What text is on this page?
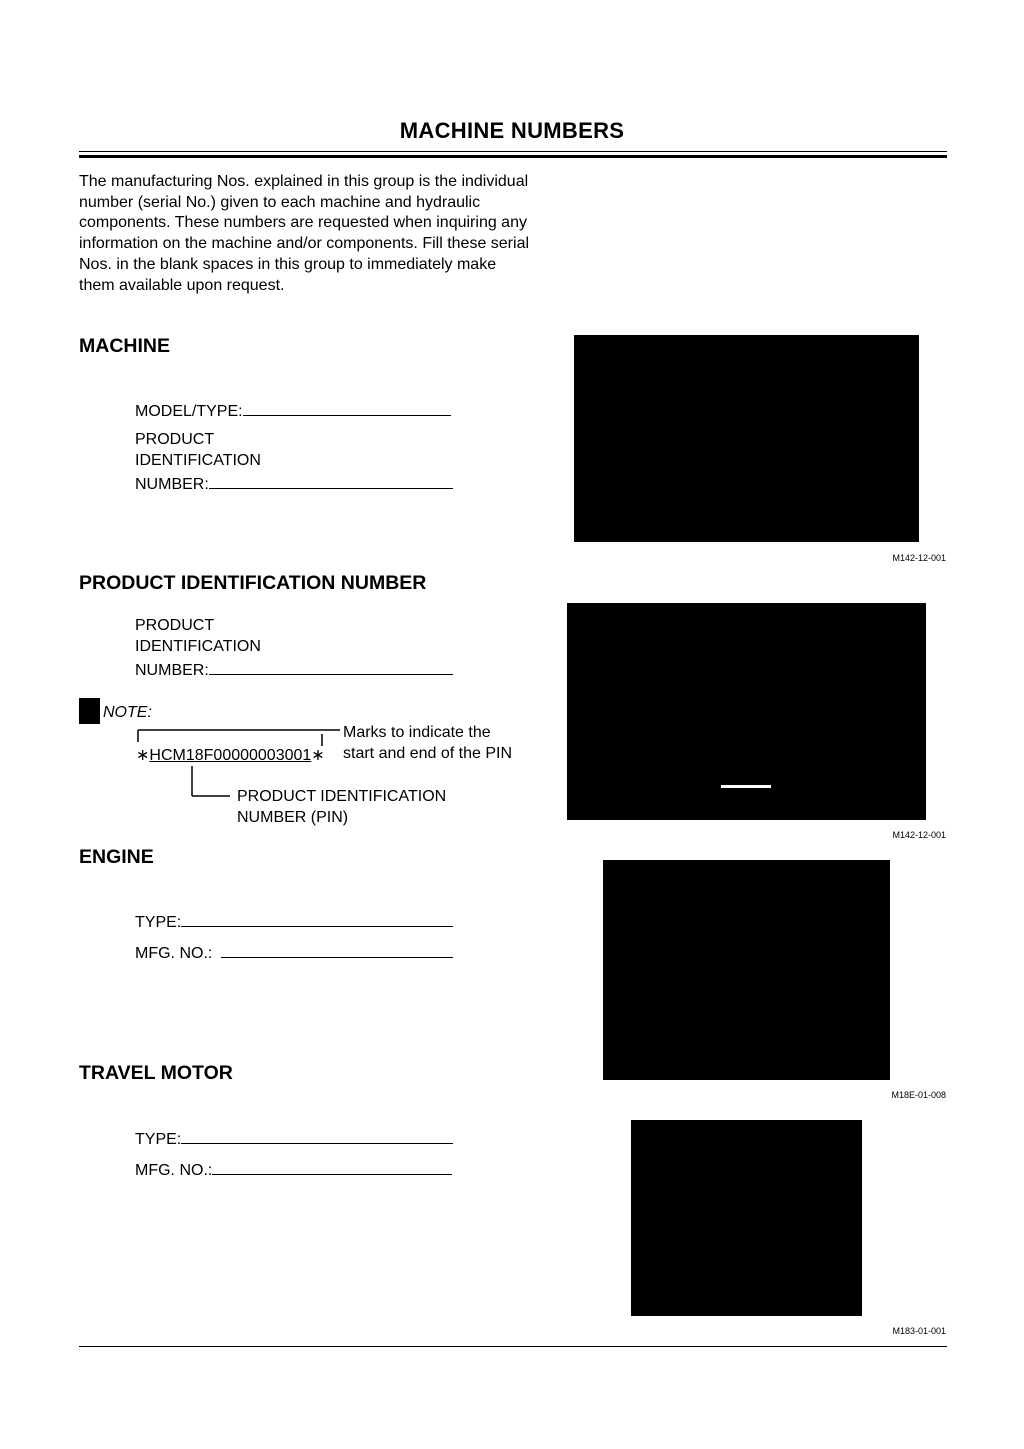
MACHINE NUMBERS
The manufacturing Nos. explained in this group is the individual number (serial No.) given to each machine and hydraulic components. These numbers are requested when inquiring any information on the machine and/or components. Fill these serial Nos. in the blank spaces in this group to immediately make them available upon request.
MACHINE
MODEL/TYPE:
PRODUCT
IDENTIFICATION
NUMBER:
M142-12-001
PRODUCT IDENTIFICATION NUMBER
PRODUCT
IDENTIFICATION
NUMBER:
NOTE:
∗HCM18F00000003001∗
Marks to indicate the
start and end of the PIN
PRODUCT IDENTIFICATION
NUMBER (PIN)
M142-12-001
ENGINE
TYPE:
MFG. NO.:
M18E-01-008
TRAVEL MOTOR
TYPE:
MFG. NO.:
M183-01-001
